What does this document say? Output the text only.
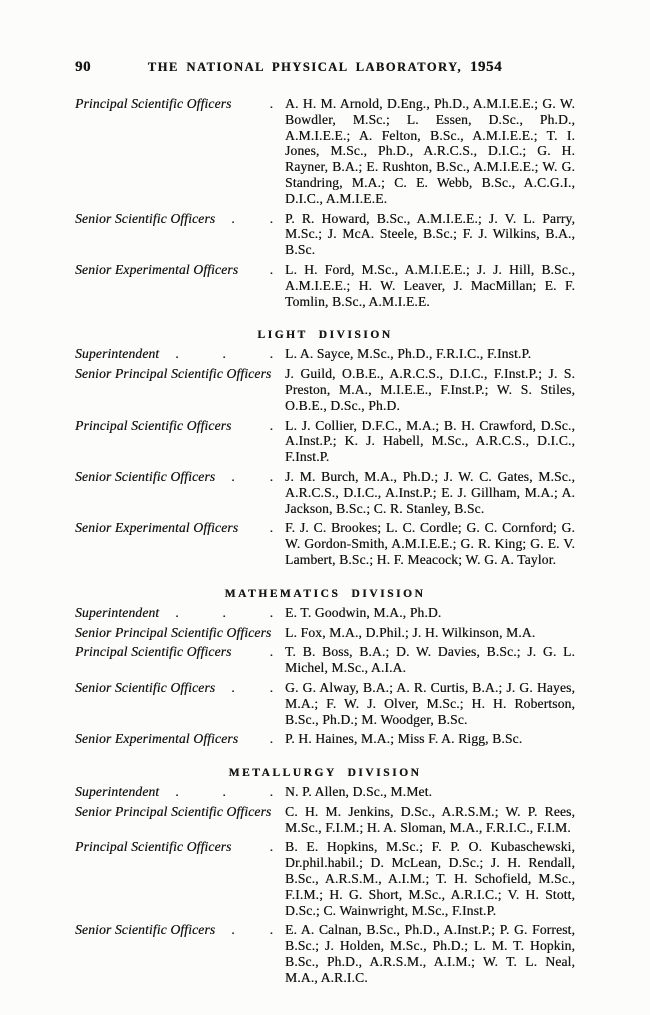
90	THE NATIONAL PHYSICAL LABORATORY, 1954
Principal Scientific Officers	. A. H. M. Arnold, D.Eng., Ph.D., A.M.I.E.E.; G. W. Bowdler, M.Sc.; L. Essen, D.Sc., Ph.D., A.M.I.E.E.; A. Felton, B.Sc., A.M.I.E.E.; T. I. Jones, M.Sc., Ph.D., A.R.C.S., D.I.C.; G. H. Rayner, B.A.; E. Rushton, B.Sc., A.M.I.E.E.; W. G. Standring, M.A.; C. E. Webb, B.Sc., A.C.G.I., D.I.C., A.M.I.E.E.
Senior Scientific Officers .	. P. R. Howard, B.Sc., A.M.I.E.E.; J. V. L. Parry, M.Sc.; J. McA. Steele, B.Sc.; F. J. Wilkins, B.A., B.Sc.
Senior Experimental Officers . L. H. Ford, M.Sc., A.M.I.E.E.; J. J. Hill, B.Sc., A.M.I.E.E.; H. W. Leaver, J. MacMillan; E. F. Tomlin, B.Sc., A.M.I.E.E.
LIGHT DIVISION
Superintendent .	.	. L. A. Sayce, M.Sc., Ph.D., F.R.I.C., F.Inst.P.
Senior Principal Scientific Officers J. Guild, O.B.E., A.R.C.S., D.I.C., F.Inst.P.; J. S. Preston, M.A., M.I.E.E., F.Inst.P.; W. S. Stiles, O.B.E., D.Sc., Ph.D.
Principal Scientific Officers	. L. J. Collier, D.F.C., M.A.; B. H. Crawford, D.Sc., A.Inst.P.; K. J. Habell, M.Sc., A.R.C.S., D.I.C., F.Inst.P.
Senior Scientific Officers .	. J. M. Burch, M.A., Ph.D.; J. W. C. Gates, M.Sc., A.R.C.S., D.I.C., A.Inst.P.; E. J. Gillham, M.A.; A. Jackson, B.Sc.; C. R. Stanley, B.Sc.
Senior Experimental Officers . F. J. C. Brookes; L. C. Cordle; G. C. Cornford; G. W. Gordon-Smith, A.M.I.E.E.; G. R. King; G. E. V. Lambert, B.Sc.; H. F. Meacock; W. G. A. Taylor.
MATHEMATICS DIVISION
Superintendent .	.	. E. T. Goodwin, M.A., Ph.D.
Senior Principal Scientific Officers L. Fox, M.A., D.Phil.; J. H. Wilkinson, M.A.
Principal Scientific Officers	. T. B. Boss, B.A.; D. W. Davies, B.Sc.; J. G. L. Michel, M.Sc., A.I.A.
Senior Scientific Officers .	. G. G. Alway, B.A.; A. R. Curtis, B.A.; J. G. Hayes, M.A.; F. W. J. Olver, M.Sc.; H. H. Robertson, B.Sc., Ph.D.; M. Woodger, B.Sc.
Senior Experimental Officers . P. H. Haines, M.A.; Miss F. A. Rigg, B.Sc.
METALLURGY DIVISION
Superintendent .	.	. N. P. Allen, D.Sc., M.Met.
Senior Principal Scientific Officers C. H. M. Jenkins, D.Sc., A.R.S.M.; W. P. Rees, M.Sc., F.I.M.; H. A. Sloman, M.A., F.R.I.C., F.I.M.
Principal Scientific Officers	. B. E. Hopkins, M.Sc.; F. P. O. Kubaschewski, Dr.phil.habil.; D. McLean, D.Sc.; J. H. Rendall, B.Sc., A.R.S.M., A.I.M.; T. H. Schofield, M.Sc., F.I.M.; H. G. Short, M.Sc., A.R.I.C.; V. H. Stott, D.Sc.; C. Wainwright, M.Sc., F.Inst.P.
Senior Scientific Officers .	. E. A. Calnan, B.Sc., Ph.D., A.Inst.P.; P. G. Forrest, B.Sc.; J. Holden, M.Sc., Ph.D.; L. M. T. Hopkin, B.Sc., Ph.D., A.R.S.M., A.I.M.; W. T. L. Neal, M.A., A.R.I.C.
